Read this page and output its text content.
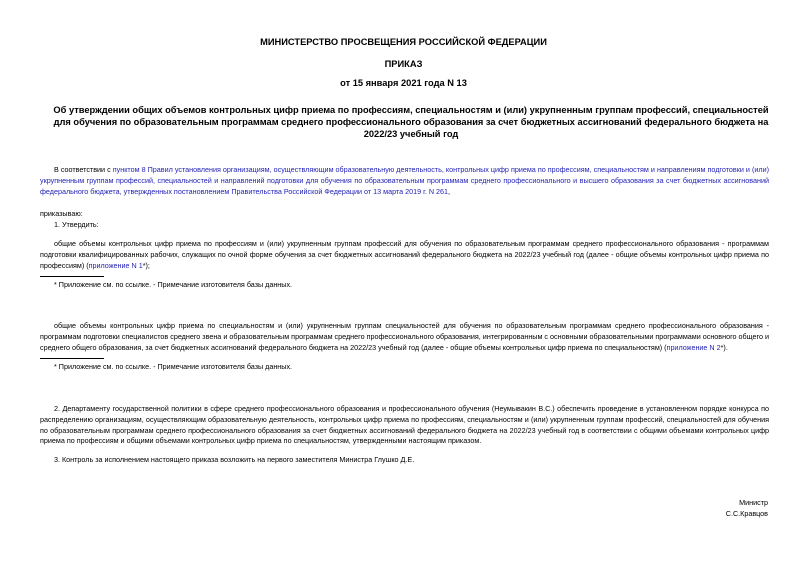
МИНИСТЕРСТВО ПРОСВЕЩЕНИЯ РОССИЙСКОЙ ФЕДЕРАЦИИ
ПРИКАЗ
от 15 января 2021 года N 13
Об утверждении общих объемов контрольных цифр приема по профессиям, специальностям и (или) укрупненным группам профессий, специальностей для обучения по образовательным программам среднего профессионального образования за счет бюджетных ассигнований федерального бюджета на 2022/23 учебный год
В соответствии с пунктом 8 Правил установления организациям, осуществляющим образовательную деятельность, контрольных цифр приема по профессиям, специальностям и направлениям подготовки и (или) укрупненным группам профессий, специальностей и направлений подготовки для обучения по образовательным программам среднего профессионального и высшего образования за счет бюджетных ассигнований федерального бюджета, утвержденных постановлением Правительства Российской Федерации от 13 марта 2019 г. N 261,
приказываю:
1. Утвердить:
общие объемы контрольных цифр приема по профессиям и (или) укрупненным группам профессий для обучения по образовательным программам среднего профессионального образования - программам подготовки квалифицированных рабочих, служащих по очной форме обучения за счет бюджетных ассигнований федерального бюджета на 2022/23 учебный год (далее - общие объемы контрольных цифр приема по профессиям) (приложение N 1*);
* Приложение см. по ссылке. - Примечание изготовителя базы данных.
общие объемы контрольных цифр приема по специальностям и (или) укрупненным группам специальностей для обучения по образовательным программам среднего профессионального образования - программам подготовки специалистов среднего звена и образовательным программам среднего профессионального образования, интегрированным с основными образовательными программами основного общего и среднего общего образования, за счет бюджетных ассигнований федерального бюджета на 2022/23 учебный год (далее - общие объемы контрольных цифр приема по специальностям) (приложение N 2*).
* Приложение см. по ссылке. - Примечание изготовителя базы данных.
2. Департаменту государственной политики в сфере среднего профессионального образования и профессионального обучения (Неумывакин В.С.) обеспечить проведение в установленном порядке конкурса по распределению организациям, осуществляющим образовательную деятельность, контрольных цифр приема по профессиям, специальностям и (или) укрупненным группам профессий, специальностей для обучения по образовательным программам среднего профессионального образования за счет бюджетных ассигнований федерального бюджета на 2022/23 учебный год в соответствии с общими объемами контрольных цифр приема по профессиям и общими объемами контрольных цифр приема по специальностям, утвержденными настоящим приказом.
3. Контроль за исполнением настоящего приказа возложить на первого заместителя Министра Глушко Д.Е.
Министр
С.С.Кравцов
